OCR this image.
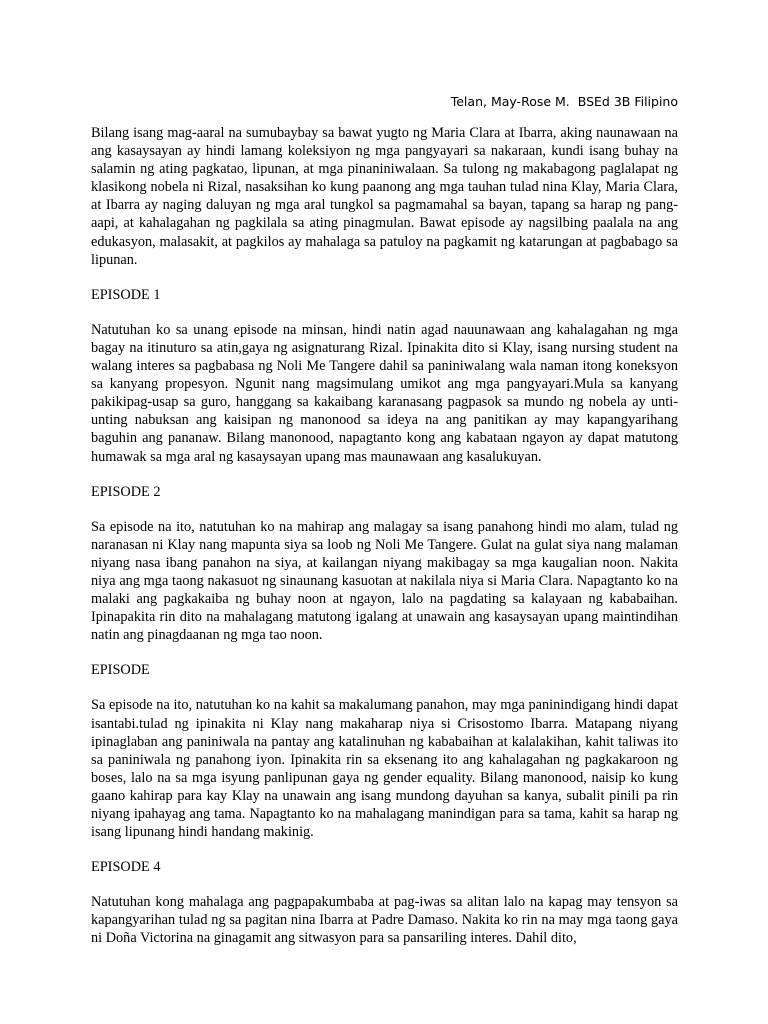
Telan, May-Rose M.  BSEd 3B Filipino

Bilang isang mag-aaral na sumubaybay sa bawat yugto ng Maria Clara at Ibarra, aking naunawaan na ang kasaysayan ay hindi lamang koleksiyon ng mga pangyayari sa nakaraan, kundi isang buhay na salamin ng ating pagkatao, lipunan, at mga pinaniniwalaan. Sa tulong ng makabagong paglalapat ng klasikong nobela ni Rizal, nasaksihan ko kung paanong ang mga tauhan tulad nina Klay, Maria Clara, at Ibarra ay naging daluyan ng mga aral tungkol sa pagmamahal sa bayan, tapang sa harap ng pang-aapi, at kahalagahan ng pagkilala sa ating pinagmulan. Bawat episode ay nagsilbing paalala na ang edukasyon, malasakit, at pagkilos ay mahalaga sa patuloy na pagkamit ng katarungan at pagbabago sa lipunan.

EPISODE 1

Natutuhan ko sa unang episode na minsan, hindi natin agad nauunawaan ang kahalagahan ng mga bagay na itinuturo sa atin,gaya ng asignaturang Rizal. Ipinakita dito si Klay, isang nursing student na walang interes sa pagbabasa ng Noli Me Tangere dahil sa paniniwalang wala naman itong koneksyon sa kanyang propesyon. Ngunit nang magsimulang umikot ang mga pangyayari.Mula sa kanyang pakikipag-usap sa guro, hanggang sa kakaibang karanasang pagpasok sa mundo ng nobela ay unti-unting nabuksan ang kaisipan ng manonood sa ideya na ang panitikan ay may kapangyarihang baguhin ang pananaw. Bilang manonood, napagtanto kong ang kabataan ngayon ay dapat matutong humawak sa mga aral ng kasaysayan upang mas maunawaan ang kasalukuyan.

EPISODE 2

Sa episode na ito, natutuhan ko na mahirap ang malagay sa isang panahong hindi mo alam, tulad ng naranasan ni Klay nang mapunta siya sa loob ng Noli Me Tangere. Gulat na gulat siya nang malaman niyang nasa ibang panahon na siya, at kailangan niyang makibagay sa mga kaugalian noon. Nakita niya ang mga taong nakasuot ng sinaunang kasuotan at nakilala niya si Maria Clara. Napagtanto ko na malaki ang pagkakaiba ng buhay noon at ngayon, lalo na pagdating sa kalayaan ng kababaihan. Ipinapakita rin dito na mahalagang matutong igalang at unawain ang kasaysayan upang maintindihan natin ang pinagdaanan ng mga tao noon.

EPISODE

Sa episode na ito, natutuhan ko na kahit sa makalumang panahon, may mga paninindigang hindi dapat isantabi.tulad ng ipinakita ni Klay nang makaharap niya si Crisostomo Ibarra. Matapang niyang ipinaglaban ang paniniwala na pantay ang katalinuhan ng kababaihan at kalalakihan, kahit taliwas ito sa paniniwala ng panahong iyon. Ipinakita rin sa eksenang ito ang kahalagahan ng pagkakaroon ng boses, lalo na sa mga isyung panlipunan gaya ng gender equality. Bilang manonood, naisip ko kung gaano kahirap para kay Klay na unawain ang isang mundong dayuhan sa kanya, subalit pinili pa rin niyang ipahayag ang tama. Napagtanto ko na mahalagang manindigan para sa tama, kahit sa harap ng isang lipunang hindi handang makinig.

EPISODE 4

Natutuhan kong mahalaga ang pagpapakumbaba at pag-iwas sa alitan lalo na kapag may tensyon sa kapangyarihan tulad ng sa pagitan nina Ibarra at Padre Damaso. Nakita ko rin na may mga taong gaya ni Doña Victorina na ginagamit ang sitwasyon para sa pansariling interes. Dahil dito,
